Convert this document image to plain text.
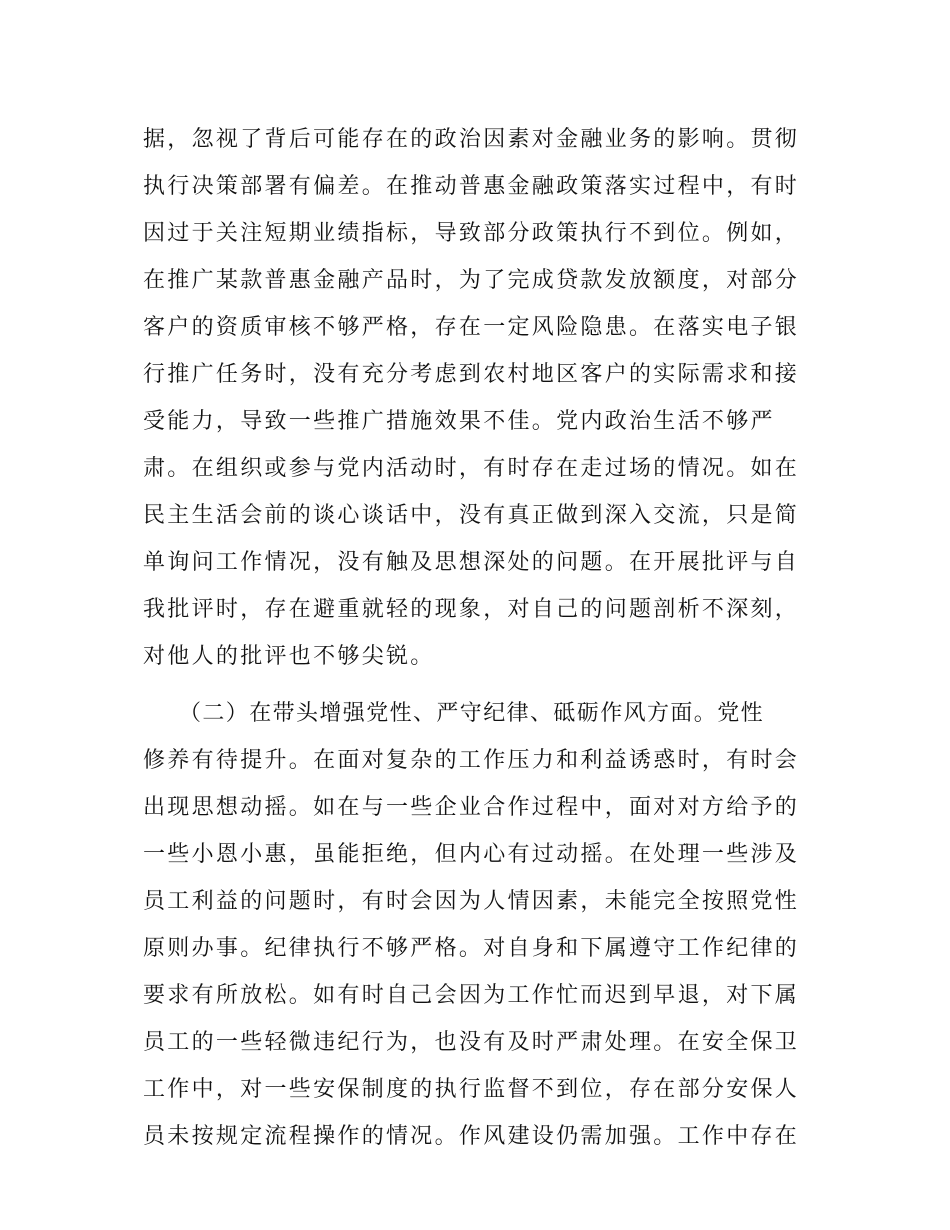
据，忽视了背后可能存在的政治因素对金融业务的影响。贯彻
执行决策部署有偏差。在推动普惠金融政策落实过程中，有时
因过于关注短期业绩指标，导致部分政策执行不到位。例如，
在推广某款普惠金融产品时，为了完成贷款发放额度，对部分
客户的资质审核不够严格，存在一定风险隐患。在落实电子银
行推广任务时，没有充分考虑到农村地区客户的实际需求和接
受能力，导致一些推广措施效果不佳。党内政治生活不够严
肃。在组织或参与党内活动时，有时存在走过场的情况。如在
民主生活会前的谈心谈话中，没有真正做到深入交流，只是简
单询问工作情况，没有触及思想深处的问题。在开展批评与自
我批评时，存在避重就轻的现象，对自己的问题剖析不深刻，
对他人的批评也不够尖锐。
（二）在带头增强党性、严守纪律、砥砺作风方面。党性
修养有待提升。在面对复杂的工作压力和利益诱惑时，有时会
出现思想动摇。如在与一些企业合作过程中，面对对方给予的
一些小恩小惠，虽能拒绝，但内心有过动摇。在处理一些涉及
员工利益的问题时，有时会因为人情因素，未能完全按照党性
原则办事。纪律执行不够严格。对自身和下属遵守工作纪律的
要求有所放松。如有时自己会因为工作忙而迟到早退，对下属
员工的一些轻微违纪行为，也没有及时严肃处理。在安全保卫
工作中，对一些安保制度的执行监督不到位，存在部分安保人
员未按规定流程操作的情况。作风建设仍需加强。工作中存在
